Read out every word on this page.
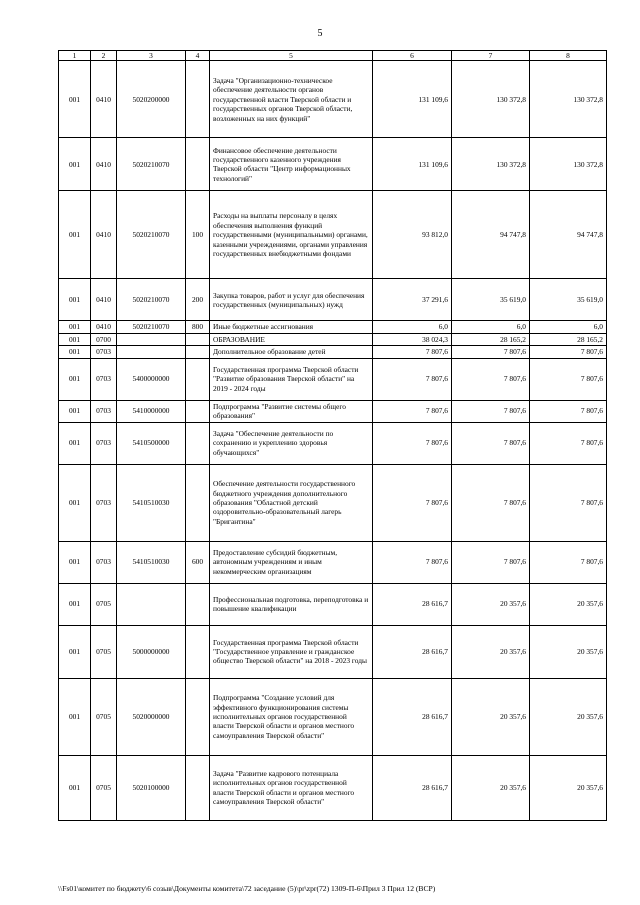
5
1	2	3	4	5	6	7	8
001	0410	5020200000		Задача "Организационно-техническое обеспечение деятельности органов государственной власти Тверской области и государственных органов Тверской области, возложенных на них функций"	131 109,6	130 372,8	130 372,8
001	0410	5020210070		Финансовое обеспечение деятельности государственного казенного учреждения Тверской области "Центр информационных технологий"	131 109,6	130 372,8	130 372,8
001	0410	5020210070	100	Расходы на выплаты персоналу в целях обеспечения выполнения функций государственными (муниципальными) органами, казенными учреждениями, органами управления государственных внебюджетными фондами	93 812,0	94 747,8	94 747,8
001	0410	5020210070	200	Закупка товаров, работ и услуг для обеспечения государственных (муниципальных) нужд	37 291,6	35 619,0	35 619,0
001	0410	5020210070	800	Иные бюджетные ассигнования	6,0	6,0	6,0
001	0700			ОБРАЗОВАНИЕ	38 024,3	28 165,2	28 165,2
001	0703			Дополнительное образование детей	7 807,6	7 807,6	7 807,6
001	0703	5400000000		Государственная программа Тверской области "Развитие образования Тверской области" на 2019 - 2024 годы	7 807,6	7 807,6	7 807,6
001	0703	5410000000		Подпрограмма "Развитие системы общего образования"	7 807,6	7 807,6	7 807,6
001	0703	5410500000		Задача "Обеспечение деятельности по сохранению и укреплению здоровья обучающихся"	7 807,6	7 807,6	7 807,6
001	0703	5410510030		Обеспечение деятельности государственного бюджетного учреждения дополнительного образования "Областной детский оздоровительно-образовательный лагерь "Бригантина"	7 807,6	7 807,6	7 807,6
001	0703	5410510030	600	Предоставление субсидий бюджетным, автономным учреждениям и иным некоммерческим организациям	7 807,6	7 807,6	7 807,6
001	0705			Профессиональная подготовка, переподготовка и повышение квалификации	28 616,7	20 357,6	20 357,6
001	0705	5000000000		Государственная программа Тверской области "Государственное управление и гражданское общество Тверской области" на 2018 - 2023 годы	28 616,7	20 357,6	20 357,6
001	0705	5020000000		Подпрограмма "Создание условий для эффективного функционирования системы исполнительных органов государственной власти Тверской области и органов местного самоуправления Тверской области"	28 616,7	20 357,6	20 357,6
001	0705	5020100000		Задача "Развитие кадрового потенциала исполнительных органов государственной власти Тверской области и органов местного самоуправления Тверской области"	28 616,7	20 357,6	20 357,6
\\Fs01\комитет по бюджету\6 созыв\Документы комитета\72 заседание (5)\pr\zpr(72) 1309-П-6\Прил 3 Прил 12 (ВСР)
